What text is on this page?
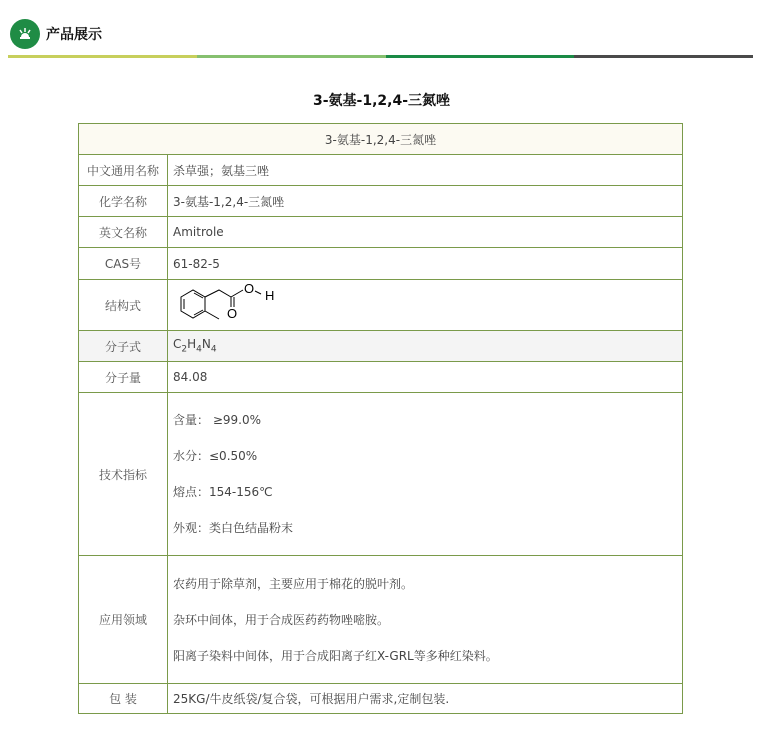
产品展示
3-氨基-1,2,4-三氮唑
3-氨基-1,2,4-三氮唑	
中文通用名称	杀草强；氨基三唑
化学名称	3-氨基-1,2,4-三氮唑
英文名称	Amitrole
CAS号	61-82-5
结构式	O H
O

分子式	$C_2H_4N_4$
分子量	84.08
技术指标	含量： ≥99.0%

水分：≤0.50%

熔点：154-156℃

外观：类白色结晶粉末

应用领域	农药用于除草剂，主要应用于棉花的脱叶剂。

杂环中间体，用于合成医药药物唑嘧胺。

阳离子染料中间体，用于合成阳离子红X-GRL等多种红染料。

包 装	25KG/牛皮纸袋/复合袋，可根据用户需求,定制包装.
